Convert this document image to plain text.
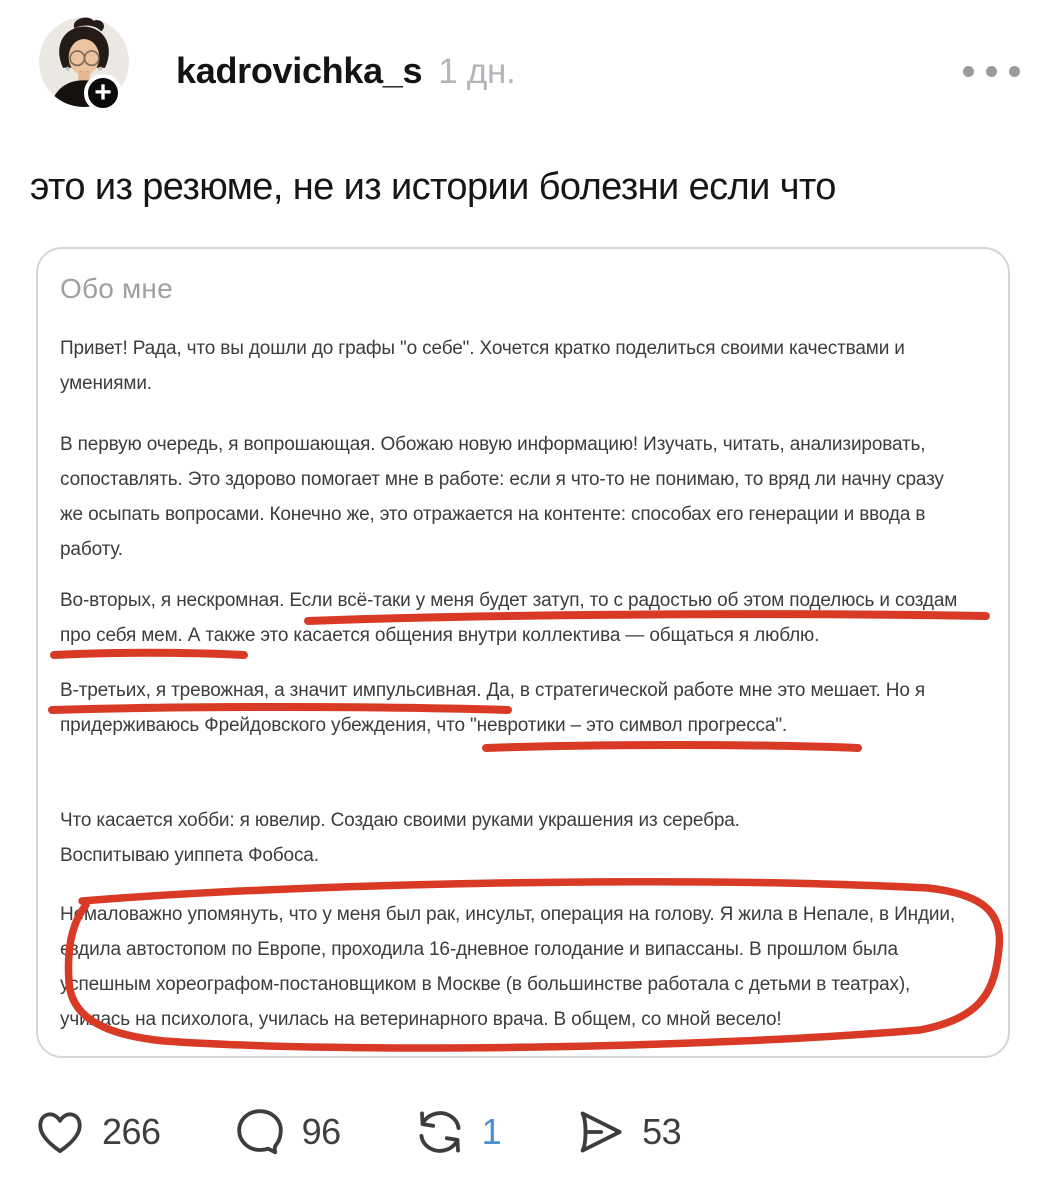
+
kadrovichka_s 1 дн.
это из резюме, не из истории болезни если что
Обо мне

Привет! Рада, что вы дошли до графы "о себе". Хочется кратко поделиться своими качествами и
умениями.

В первую очередь, я вопрошающая. Обожаю новую информацию! Изучать, читать, анализировать,
сопоставлять. Это здорово помогает мне в работе: если я что-то не понимаю, то вряд ли начну сразу
же осыпать вопросами. Конечно же, это отражается на контенте: способах его генерации и ввода в
работу.

Во-вторых, я нескромная. Если всё-таки у меня будет затуп, то с радостью об этом поделюсь и создам
про себя мем. А также это касается общения внутри коллектива — общаться я люблю.

В-третьих, я тревожная, а значит импульсивная. Да, в стратегической работе мне это мешает. Но я
придерживаюсь Фрейдовского убеждения, что "невротики – это символ прогресса".

Что касается хобби: я ювелир. Создаю своими руками украшения из серебра.
Воспитываю уиппета Фобоса.

Немаловажно упомянуть, что у меня был рак, инсульт, операция на голову. Я жила в Непале, в Индии,
ездила автостопом по Европе, проходила 16-дневное голодание и випассаны. В прошлом была
успешным хореографом-постановщиком в Москве (в большинстве работала с детьми в театрах),
училась на психолога, училась на ветеринарного врача. В общем, со мной весело!

266	96	1	53
